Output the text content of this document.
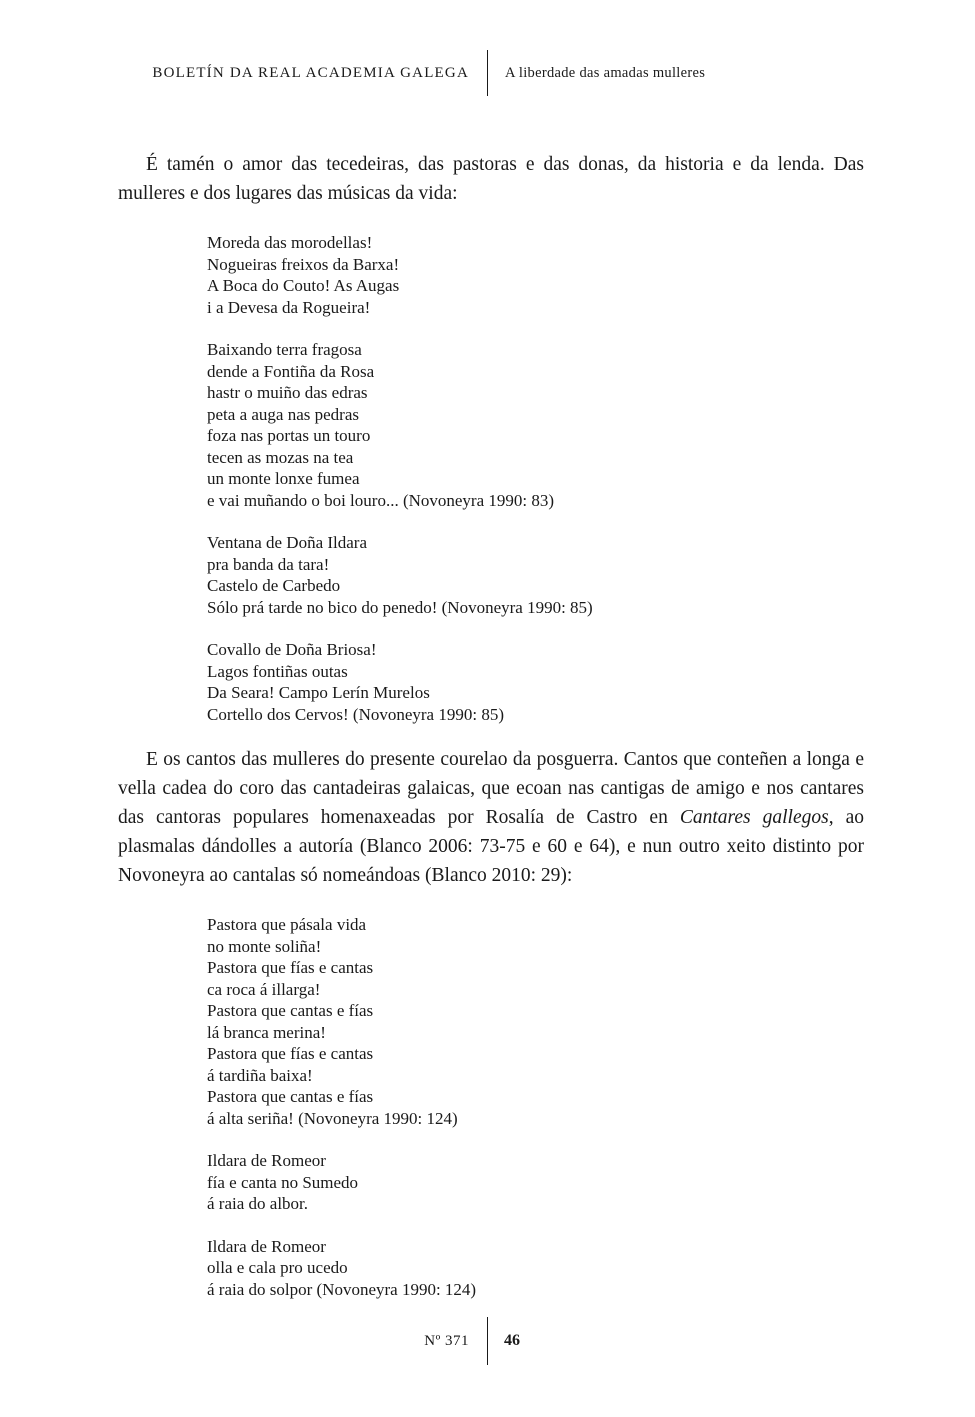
BOLETÍN DA REAL ACADEMIA GALEGA	A liberdade das amadas mulleres

É tamén o amor das tecedeiras, das pastoras e das donas, da historia e da lenda. Das mulleres e dos lugares das músicas da vida:

Moreda das morodellas!
Nogueiras freixos da Barxa!
A Boca do Couto! As Augas
i a Devesa da Rogueira!
Baixando terra fragosa
dende a Fontiña da Rosa
hastr o muiño das edras
peta a auga nas pedras
foza nas portas un touro
tecen as mozas na tea
un monte lonxe fumea
e vai muñando o boi louro... (Novoneyra 1990: 83)
Ventana de Doña Ildara
pra banda da tara!
Castelo de Carbedo
Sólo prá tarde no bico do penedo! (Novoneyra 1990: 85)
Covallo de Doña Briosa!
Lagos fontiñas outas
Da Seara! Campo Lerín Murelos
Cortello dos Cervos! (Novoneyra 1990: 85)

E os cantos das mulleres do presente courelao da posguerra. Cantos que conteñen a longa e vella cadea do coro das cantadeiras galaicas, que ecoan nas cantigas de amigo e nos cantares das cantoras populares homenaxeadas por Rosalía de Castro en Cantares gallegos, ao plasmalas dándolles a autoría (Blanco 2006: 73-75 e 60 e 64), e nun outro xeito distinto por Novoneyra ao cantalas só nomeándoas (Blanco 2010: 29):

Pastora que pásala vida
no monte soliña!
Pastora que fías e cantas
ca roca á illarga!
Pastora que cantas e fías
lá branca merina!
Pastora que fías e cantas
á tardiña baixa!
Pastora que cantas e fías
á alta seriña! (Novoneyra 1990: 124)
Ildara de Romeor
fía e canta no Sumedo
á raia do albor.
Ildara de Romeor
olla e cala pro ucedo
á raia do solpor (Novoneyra 1990: 124)
Nº 371	46
